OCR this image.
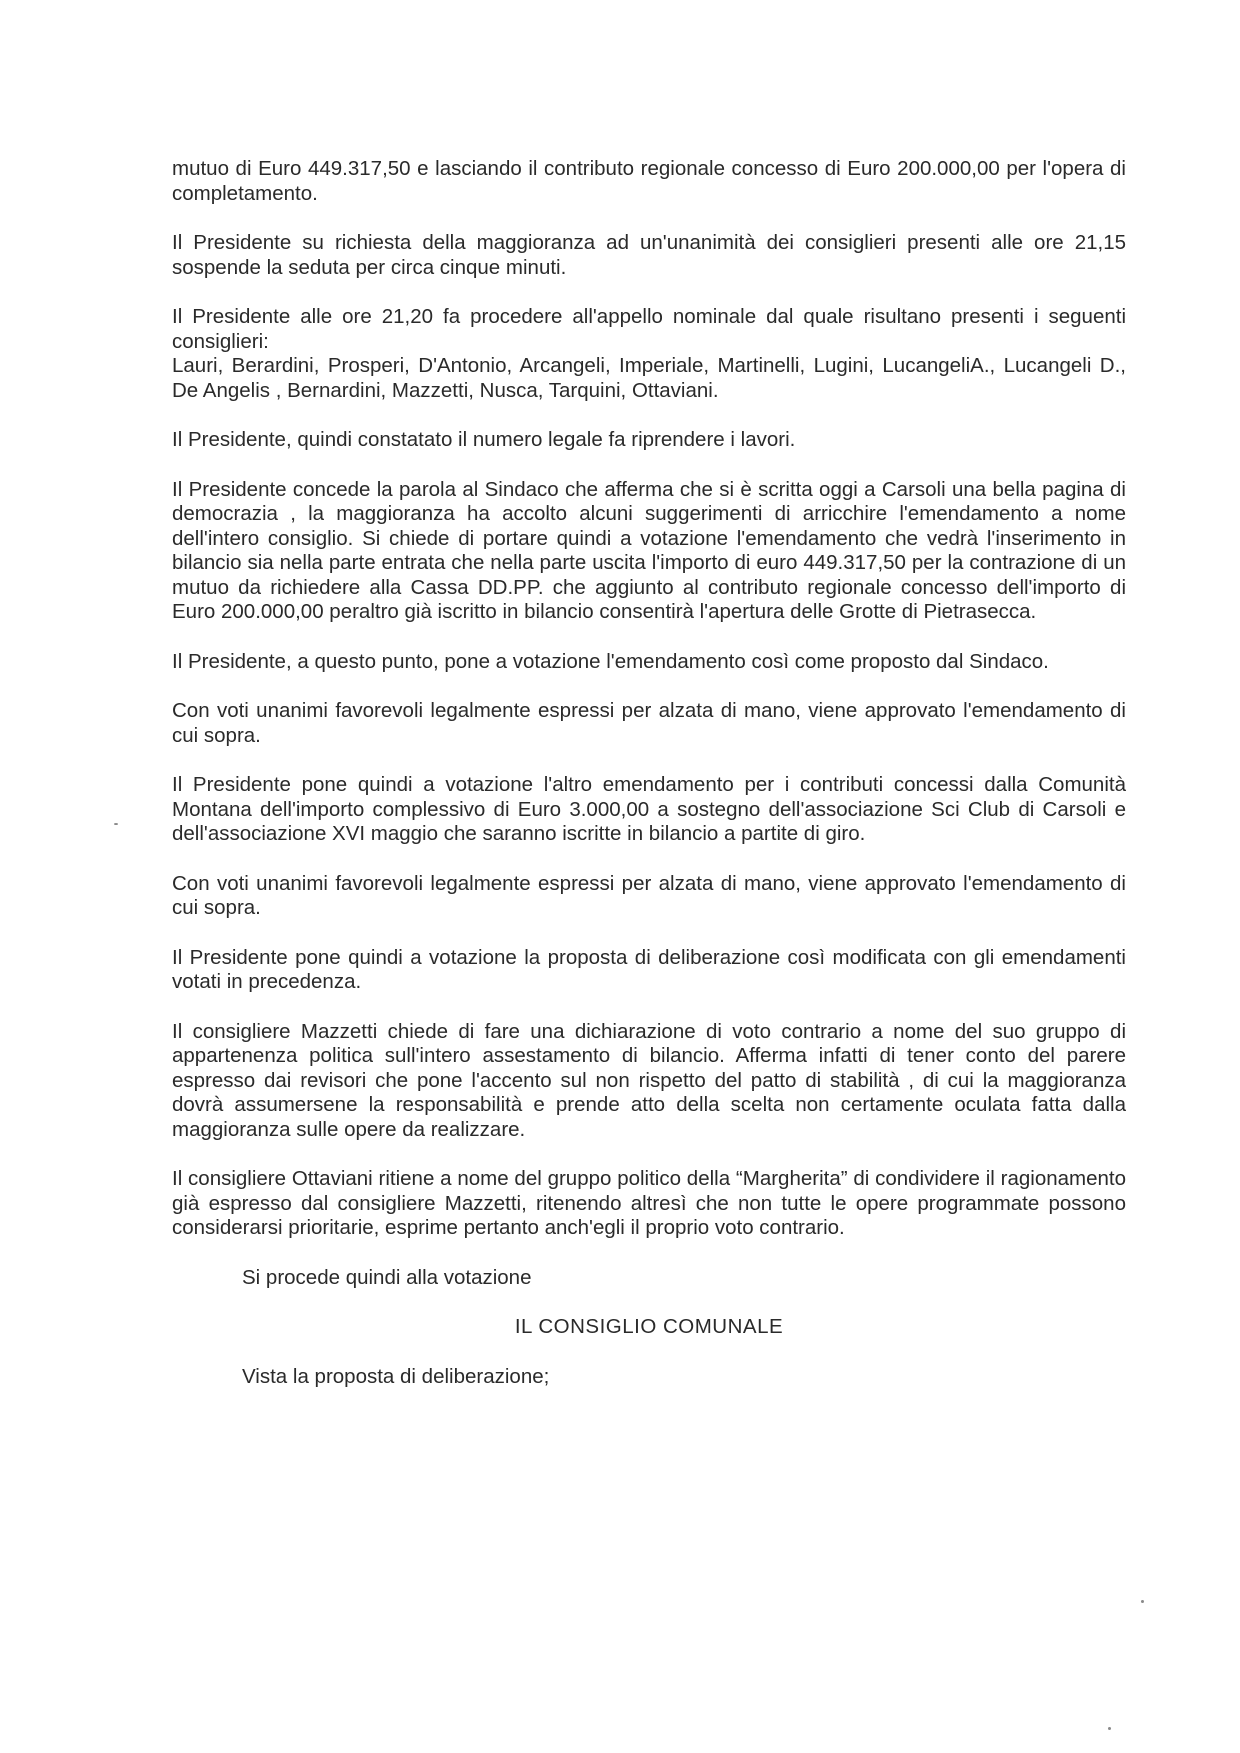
mutuo di Euro 449.317,50 e lasciando il contributo regionale concesso di Euro 200.000,00 per l'opera di completamento.

Il Presidente su richiesta della maggioranza ad un'unanimità dei consiglieri presenti alle ore 21,15 sospende la seduta per circa cinque minuti.

Il Presidente alle ore 21,20 fa procedere all'appello nominale dal quale risultano presenti i seguenti consiglieri:

Lauri, Berardini, Prosperi, D'Antonio, Arcangeli, Imperiale, Martinelli, Lugini, LucangeliA., Lucangeli D., De Angelis , Bernardini, Mazzetti, Nusca, Tarquini, Ottaviani.

Il Presidente, quindi constatato il numero legale fa riprendere i lavori.

Il Presidente concede la parola al Sindaco che afferma che si è scritta oggi a Carsoli una bella pagina di democrazia , la maggioranza ha accolto alcuni suggerimenti di arricchire l'emendamento a nome dell'intero consiglio. Si chiede di portare quindi a votazione l'emendamento che vedrà l'inserimento in bilancio sia nella parte entrata che nella parte uscita l'importo di euro 449.317,50 per la contrazione di un mutuo da richiedere alla Cassa DD.PP. che aggiunto al contributo regionale concesso dell'importo di Euro 200.000,00 peraltro già iscritto in bilancio consentirà l'apertura delle Grotte di Pietrasecca.

Il Presidente, a questo punto, pone a votazione l'emendamento così come proposto dal Sindaco.

Con voti unanimi favorevoli legalmente espressi per alzata di mano, viene approvato l'emendamento di cui sopra.

Il Presidente pone quindi a votazione l'altro emendamento per i contributi concessi dalla Comunità Montana dell'importo complessivo di Euro 3.000,00 a sostegno dell'associazione Sci Club di Carsoli e dell'associazione XVI maggio che saranno iscritte in bilancio a partite di giro.

Con voti unanimi favorevoli legalmente espressi per alzata di mano, viene approvato l'emendamento di cui sopra.

Il Presidente pone quindi a votazione la proposta di deliberazione così modificata con gli emendamenti votati in precedenza.

Il consigliere Mazzetti chiede di fare una dichiarazione di voto contrario a nome del suo gruppo di appartenenza politica sull'intero assestamento di bilancio. Afferma infatti di tener conto del parere espresso dai revisori che pone l'accento sul non rispetto del patto di stabilità , di cui la maggioranza dovrà assumersene la responsabilità e prende atto della scelta non certamente oculata fatta dalla maggioranza sulle opere da realizzare.

Il consigliere Ottaviani ritiene a nome del gruppo politico della “Margherita” di condividere il ragionamento già espresso dal consigliere Mazzetti, ritenendo altresì che non tutte le opere programmate possono considerarsi prioritarie, esprime pertanto anch'egli il proprio voto contrario.

Si procede quindi alla votazione

IL CONSIGLIO COMUNALE

Vista la proposta di deliberazione;
